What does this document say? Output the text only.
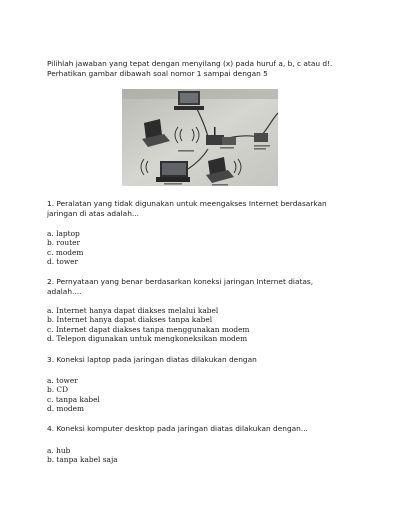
Pilihlah jawaban yang tepat dengan menyilang (x) pada huruf a, b, c atau d!.
Perhatikan gambar dibawah soal nomor 1 sampai dengan 5
1. Peralatan yang tidak digunakan untuk meengakses Internet berdasarkan
jaringan di atas adalah...
a. laptop
b. router
c. modem
d. tower
2. Pernyataan yang benar berdasarkan koneksi jaringan Internet diatas,
adalah....
a. Internet hanya dapat diakses melalui kabel
b. Internet hanya dapat diakses tanpa kabel
c. Internet dapat diakses tanpa menggunakan modem
d. Telepon digunakan untuk mengkoneksikan modem
3. Koneksi laptop pada jaringan diatas dilakukan dengan
a. tower
b. CD
c. tanpa kabel
d. modem
4. Koneksi komputer desktop pada jaringan diatas dilakukan dengan...
a. hub
b. tanpa kabel saja
